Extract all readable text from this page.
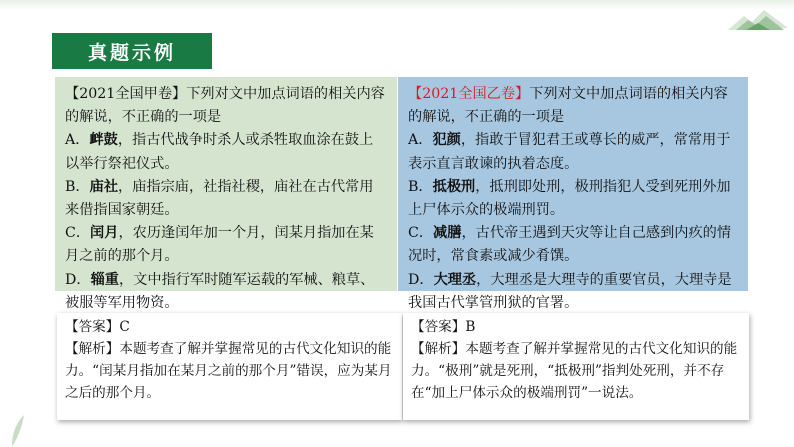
真题示例

【2021全国甲卷】下列对文中加点词语的相关内容的解说，不正确的一项是

A．衅鼓，指古代战争时杀人或杀牲取血涂在鼓上以举行祭祀仪式。

B．庙社，庙指宗庙，社指社稷，庙社在古代常用来借指国家朝廷。

C．闰月，农历逢闰年加一个月，闰某月指加在某月之前的那个月。

D．辎重，文中指行军时随军运载的军械、粮草、被服等军用物资。

【2021全国乙卷】下列对文中加点词语的相关内容的解说，不正确的一项是

A．犯颜，指敢于冒犯君王或尊长的威严，常常用于表示直言敢谏的执着态度。

B．抵极刑，抵刑即处刑，极刑指犯人受到死刑外加上尸体示众的极端刑罚。

C．减膳，古代帝王遇到天灾等让自己感到内疚的情况时，常食素或减少肴馔。

D．大理丞，大理丞是大理寺的重要官员，大理寺是我国古代掌管刑狱的官署。

【答案】C

【解析】本题考查了解并掌握常见的古代文化知识的能力。“闰某月指加在某月之前的那个月”错误，应为某月之后的那个月。

【答案】B

【解析】本题考查了解并掌握常见的古代文化知识的能力。“极刑”就是死刑，“抵极刑”指判处死刑，并不存在“加上尸体示众的极端刑罚”一说法。
